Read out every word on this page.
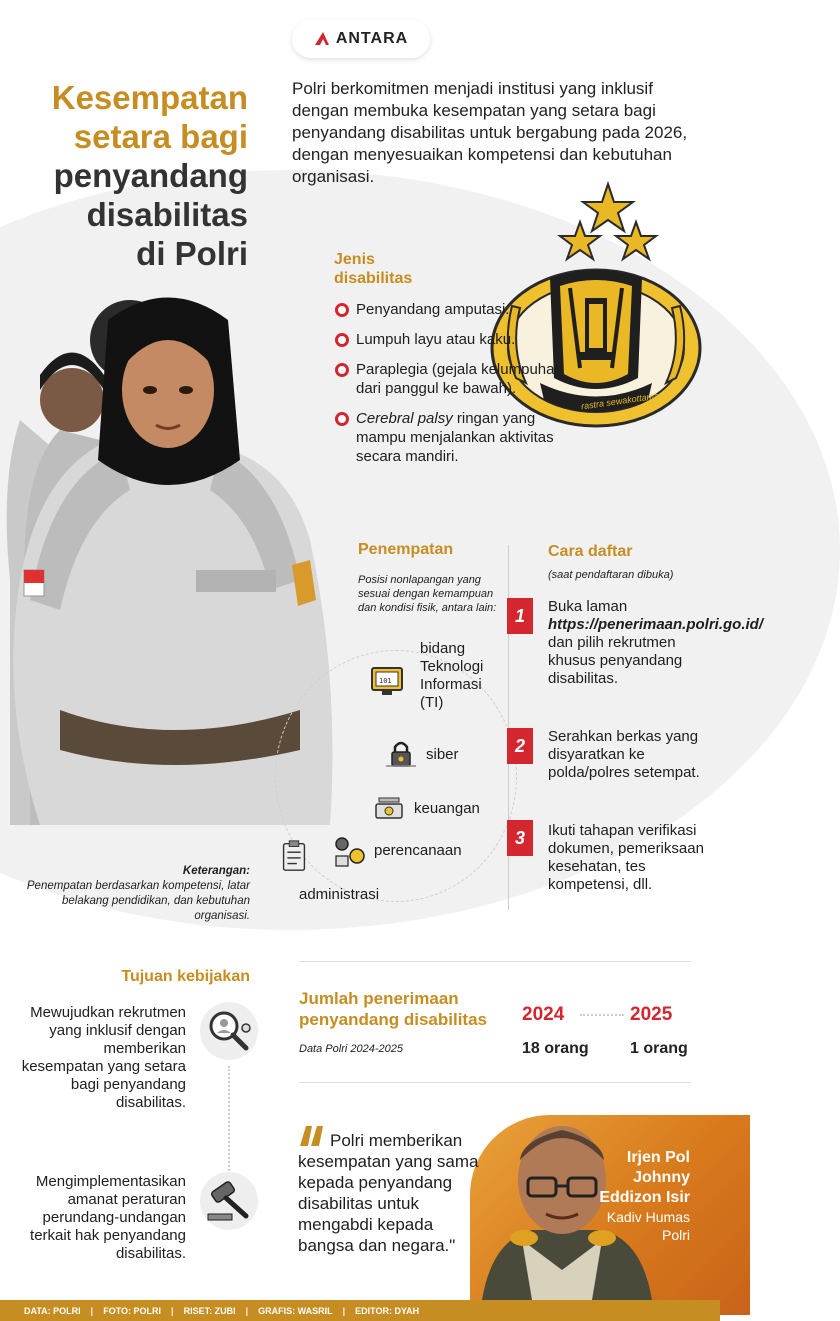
ANTARA
Kesempatan
setara bagi
penyandang
disabilitas
di Polri
Polri berkomitmen menjadi institusi yang inklusif dengan membuka kesempatan yang setara bagi penyandang disabilitas untuk bergabung pada 2026, dengan menyesuaikan kompetensi dan kebutuhan organisasi.
rastra sewakottama
Jenis
disabilitas
Penyandang amputasi.
Lumpuh layu atau kaku.
Paraplegia (gejala kelumpuhan dari panggul ke bawah).
Cerebral palsy ringan yang mampu menjalankan aktivitas secara mandiri.
Penempatan
Posisi nonlapangan yang sesuai dengan kemampuan dan kondisi fisik, antara lain:
101
bidang Teknologi Informasi (TI)
siber
keuangan
perencanaan
administrasi
Keterangan:
Penempatan berdasarkan kompetensi, latar belakang pendidikan, dan kebutuhan organisasi.
Cara daftar
(saat pendaftaran dibuka)
1	Buka laman https://penerimaan.polri.go.id/ dan pilih rekrutmen khusus penyandang disabilitas.
2	Serahkan berkas yang disyaratkan ke polda/polres setempat.
3	Ikuti tahapan verifikasi dokumen, pemeriksaan kesehatan, tes kompetensi, dll.
Tujuan kebijakan
Mewujudkan rekrutmen yang inklusif dengan memberikan kesempatan yang setara bagi penyandang disabilitas.
Mengimplementasikan amanat peraturan perundang-undangan terkait hak penyandang disabilitas.
Jumlah penerimaan penyandang disabilitas
Data Polri 2024-2025
2024	2025
18 orang	1 orang
Polri memberikan kesempatan yang sama kepada penyandang disabilitas untuk mengabdi kepada bangsa dan negara."
Irjen Pol
Johnny
Eddizon Isir
Kadiv Humas
Polri
DATA: POLRI | FOTO: POLRI | RISET: ZUBI | GRAFIS: WASRIL | EDITOR: DYAH
